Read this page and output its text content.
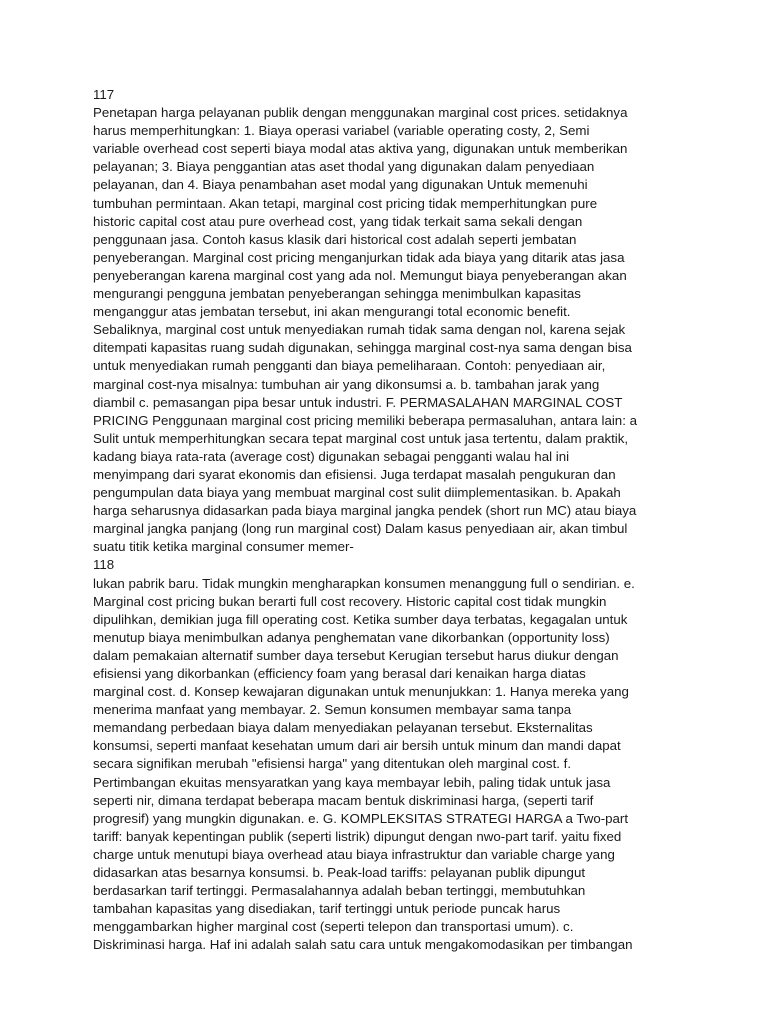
117
Penetapan harga pelayanan publik dengan menggunakan marginal cost prices. setidaknya
harus memperhitungkan: 1. Biaya operasi variabel (variable operating costy, 2, Semi
variable overhead cost seperti biaya modal atas aktiva yang, digunakan untuk memberikan
pelayanan; 3. Biaya penggantian atas aset thodal yang digunakan dalam penyediaan
pelayanan, dan 4. Biaya penambahan aset modal yang digunakan Untuk memenuhi
tumbuhan permintaan. Akan tetapi, marginal cost pricing tidak memperhitungkan pure
historic capital cost atau pure overhead cost, yang tidak terkait sama sekali dengan
penggunaan jasa. Contoh kasus klasik dari historical cost adalah seperti jembatan
penyeberangan. Marginal cost pricing menganjurkan tidak ada biaya yang ditarik atas jasa
penyeberangan karena marginal cost yang ada nol. Memungut biaya penyeberangan akan
mengurangi pengguna jembatan penyeberangan sehingga menimbulkan kapasitas
menganggur atas jembatan tersebut, ini akan mengurangi total economic benefit.
Sebaliknya, marginal cost untuk menyediakan rumah tidak sama dengan nol, karena sejak
ditempati kapasitas ruang sudah digunakan, sehingga marginal cost-nya sama dengan bisa
untuk menyediakan rumah pengganti dan biaya pemeliharaan. Contoh: penyediaan air,
marginal cost-nya misalnya: tumbuhan air yang dikonsumsi a. b. tambahan jarak yang
diambil c. pemasangan pipa besar untuk industri. F. PERMASALAHAN MARGINAL COST
PRICING Penggunaan marginal cost pricing memiliki beberapa permasaluhan, antara lain: a
Sulit untuk memperhitungkan secara tepat marginal cost untuk jasa tertentu, dalam praktik,
kadang biaya rata-rata (average cost) digunakan sebagai pengganti walau hal ini
menyimpang dari syarat ekonomis dan efisiensi. Juga terdapat masalah pengukuran dan
pengumpulan data biaya yang membuat marginal cost sulit diimplementasikan. b. Apakah
harga seharusnya didasarkan pada biaya marginal jangka pendek (short run MC) atau biaya
marginal jangka panjang (long run marginal cost) Dalam kasus penyediaan air, akan timbul
suatu titik ketika marginal consumer memer-
118
lukan pabrik baru. Tidak mungkin mengharapkan konsumen menanggung full o sendirian. e.
Marginal cost pricing bukan berarti full cost recovery. Historic capital cost tidak mungkin
dipulihkan, demikian juga fill operating cost. Ketika sumber daya terbatas, kegagalan untuk
menutup biaya menimbulkan adanya penghematan vane dikorbankan (opportunity loss)
dalam pemakaian alternatif sumber daya tersebut Kerugian tersebut harus diukur dengan
efisiensi yang dikorbankan (efficiency foam yang berasal dari kenaikan harga diatas
marginal cost. d. Konsep kewajaran digunakan untuk menunjukkan: 1. Hanya mereka yang
menerima manfaat yang membayar. 2. Semun konsumen membayar sama tanpa
memandang perbedaan biaya dalam menyediakan pelayanan tersebut. Eksternalitas
konsumsi, seperti manfaat kesehatan umum dari air bersih untuk minum dan mandi dapat
secara signifikan merubah "efisiensi harga" yang ditentukan oleh marginal cost. f.
Pertimbangan ekuitas mensyaratkan yang kaya membayar lebih, paling tidak untuk jasa
seperti nir, dimana terdapat beberapa macam bentuk diskriminasi harga, (seperti tarif
progresif) yang mungkin digunakan. e. G. KOMPLEKSITAS STRATEGI HARGA a Two-part
tariff: banyak kepentingan publik (seperti listrik) dipungut dengan nwo-part tarif. yaitu fixed
charge untuk menutupi biaya overhead atau biaya infrastruktur dan variable charge yang
didasarkan atas besarnya konsumsi. b. Peak-load tariffs: pelayanan publik dipungut
berdasarkan tarif tertinggi. Permasalahannya adalah beban tertinggi, membutuhkan
tambahan kapasitas yang disediakan, tarif tertinggi untuk periode puncak harus
menggambarkan higher marginal cost (seperti telepon dan transportasi umum). c.
Diskriminasi harga. Haf ini adalah salah satu cara untuk mengakomodasikan per timbangan
